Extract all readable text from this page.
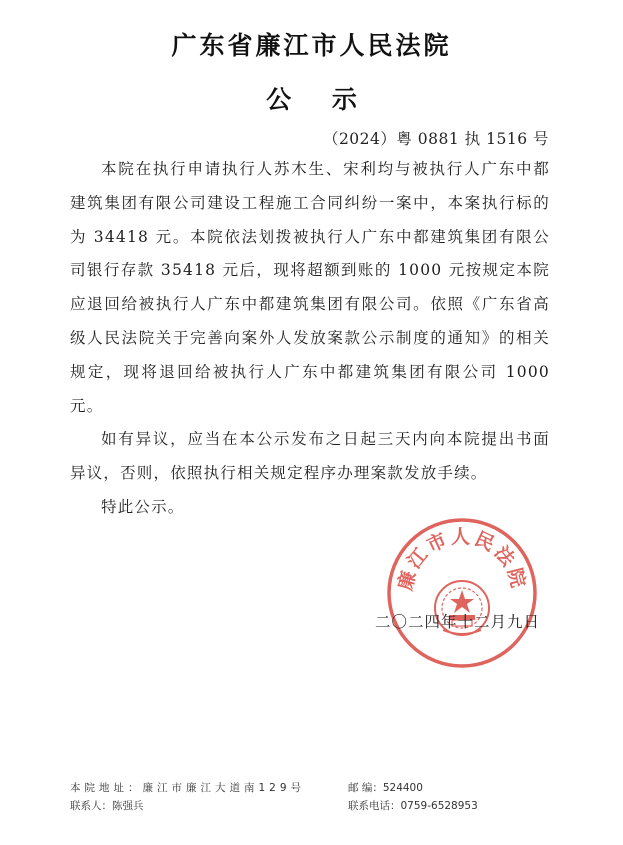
广东省廉江市人民法院
公 示
（2024）粤 0881 执 1516 号

本院在执行申请执行人苏木生、宋利均与被执行人广东中都建筑集团有限公司建设工程施工合同纠纷一案中，本案执行标的为 34418 元。本院依法划拨被执行人广东中都建筑集团有限公司银行存款 35418 元后，现将超额到账的 1000 元按规定本院应退回给被执行人广东中都建筑集团有限公司。依照《广东省高级人民法院关于完善向案外人发放案款公示制度的通知》的相关规定，现将退回给被执行人广东中都建筑集团有限公司 1000 元。

如有异议，应当在本公示发布之日起三天内向本院提出书面异议，否则，依照执行相关规定程序办理案款发放手续。

特此公示。

廉江市人民法院
二〇二四年十二月九日
本院地址：廉江市廉江大道南129号	邮 编：524400
联系人：陈强兵	联系电话：0759-6528953
